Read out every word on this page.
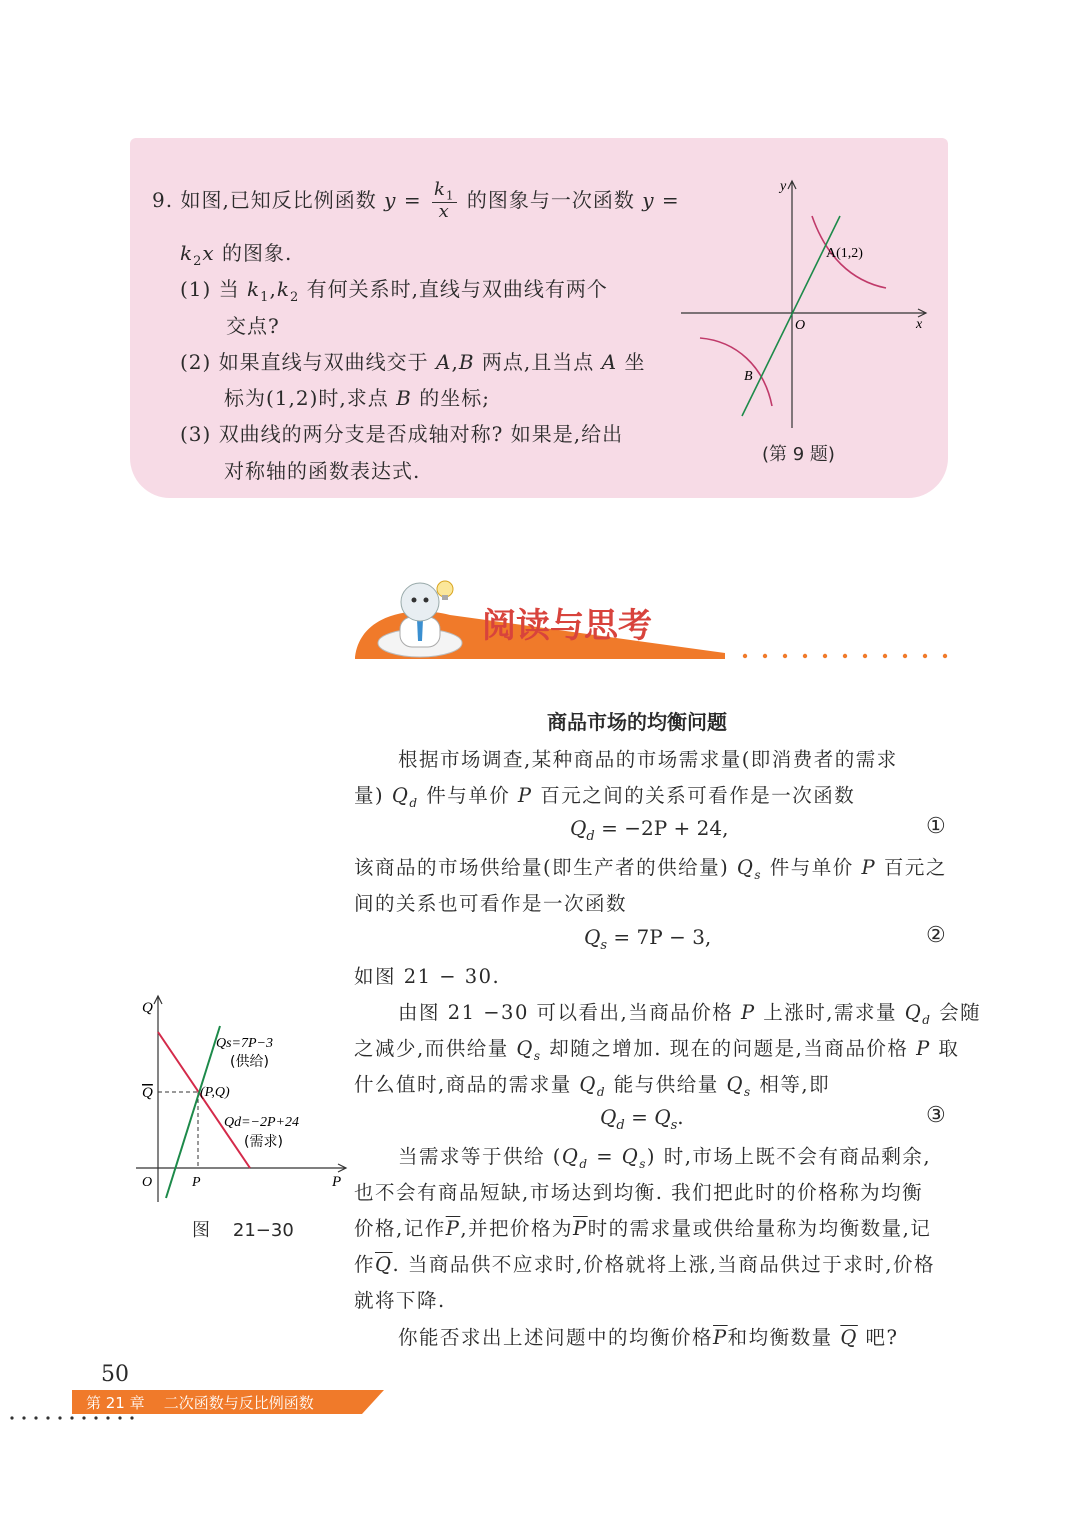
9. 如图,已知反比例函数 $y = \frac{k_1}{x}$ 的图象与一次函数 y =
$k_2x$ 的图象.
(1) 当 $k_1,k_2$ 有何关系时,直线与双曲线有两个
交点?
(2) 如果直线与双曲线交于 A,B 两点,且当点 A 坐
标为(1,2)时,求点 B 的坐标;
(3) 双曲线的两分支是否成轴对称? 如果是,给出
对称轴的函数表达式.
y
x
O
A(1,2)
B
(第 9 题)
阅读与思考
商品市场的均衡问题
根据市场调查,某种商品的市场需求量(即消费者的需求
量) $Q_d$ 件与单价 P 百元之间的关系可看作是一次函数
$Q_d = -2P + 24$,	①
该商品的市场供给量(即生产者的供给量) $Q_s$ 件与单价 P 百元之
间的关系也可看作是一次函数
$Q_s = 7P - 3$,	②
如图 21 − 30.
由图 21 −30 可以看出,当商品价格 P 上涨时,需求量 $Q_d$ 会随
之减少,而供给量 $Q_s$ 却随之增加. 现在的问题是,当商品价格 P 取
什么值时,商品的需求量 $Q_d$ 能与供给量 $Q_s$ 相等,即
$Q_d = Q_s$.	③
当需求等于供给 $(Q_d = Q_s)$ 时,市场上既不会有商品剩余,
也不会有商品短缺,市场达到均衡. 我们把此时的价格称为均衡
价格,记作$\overline{P}$,并把价格为$\overline{P}$时的需求量或供给量称为均衡数量,记
作$\overline{Q}$. 当商品供不应求时,价格就将上涨,当商品供过于求时,价格
就将下降.
你能否求出上述问题中的均衡价格$\overline{P}$和均衡数量 $\overline{Q}$ 吧?
Q
P
O
Q
P
Qs=7P−3
(供给)
(P,Q)
Qd=−2P+24
(需求)
图    21−30
50
第 21 章    二次函数与反比例函数
